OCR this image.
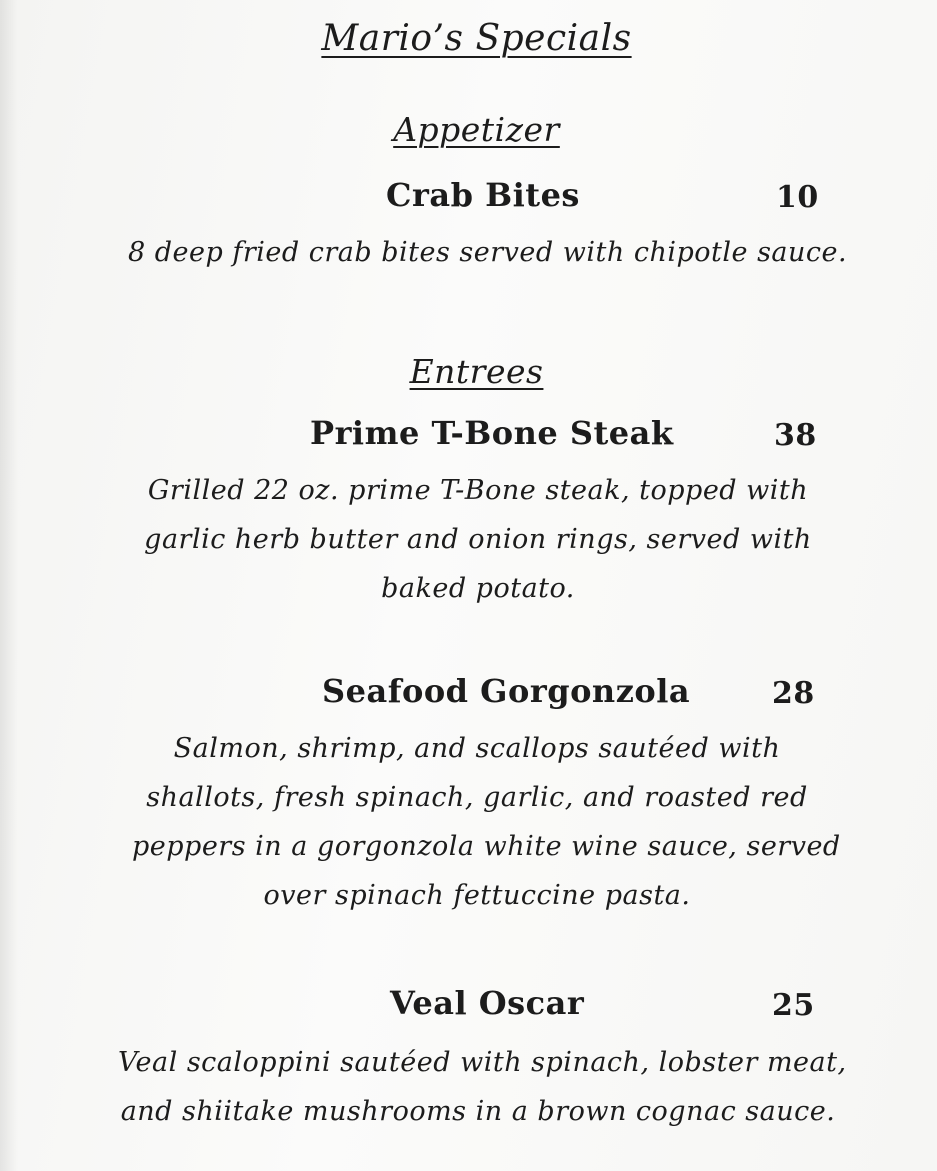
Mario’s Specials
Appetizer
Crab Bites	10
8 deep fried crab bites served with chipotle sauce.
Entrees
Prime T-Bone Steak	38
Grilled 22 oz. prime T-Bone steak, topped with
garlic herb butter and onion rings, served with
baked potato.
Seafood Gorgonzola	28
Salmon, shrimp, and scallops sautéed with
shallots, fresh spinach, garlic, and roasted red
peppers in a gorgonzola white wine sauce, served
over spinach fettuccine pasta.
Veal Oscar	25
Veal scaloppini sautéed with spinach, lobster meat,
and shiitake mushrooms in a brown cognac sauce.
